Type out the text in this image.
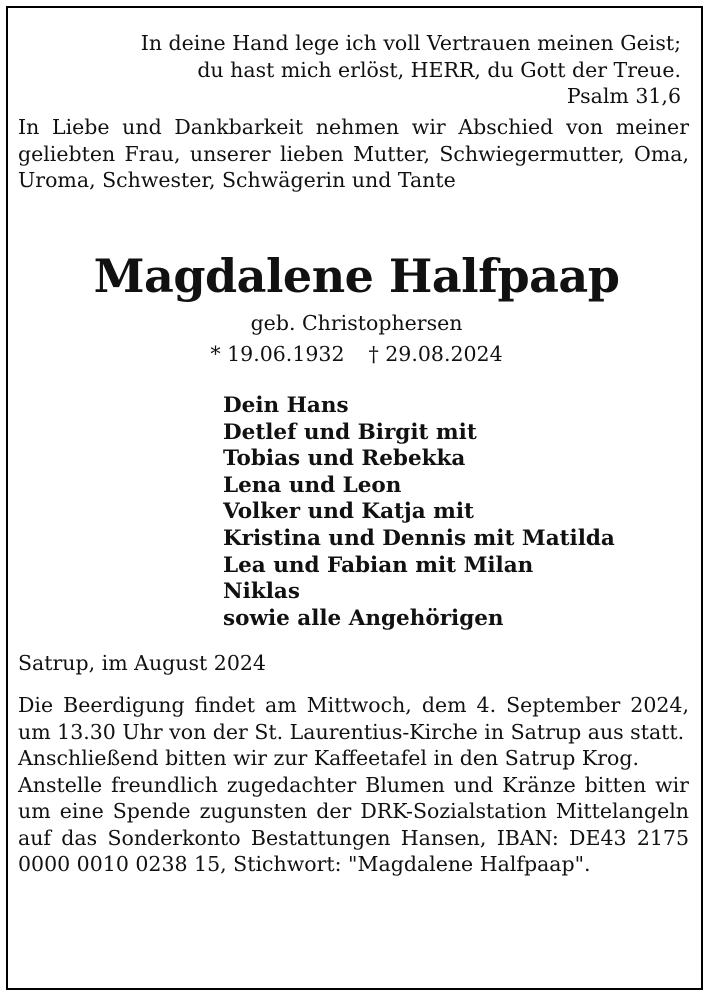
In deine Hand lege ich voll Vertrauen meinen Geist;
du hast mich erlöst, HERR, du Gott der Treue.
Psalm 31,6
In Liebe und Dankbarkeit nehmen wir Abschied von meiner geliebten Frau, unserer lieben Mutter, Schwiegermutter, Oma, Uroma, Schwester, Schwägerin und Tante
Magdalene Halfpaap
geb. Christophersen
* 19.06.1932 † 29.08.2024
Dein Hans
Detlef und Birgit mit
Tobias und Rebekka
Lena und Leon
Volker und Katja mit
Kristina und Dennis mit Matilda
Lea und Fabian mit Milan
Niklas
sowie alle Angehörigen
Satrup, im August 2024

Die Beerdigung findet am Mittwoch, dem 4. September 2024, um 13.30 Uhr von der St. Laurentius-Kirche in Satrup aus statt.

Anschließend bitten wir zur Kaffeetafel in den Satrup Krog.

Anstelle freundlich zugedachter Blumen und Kränze bitten wir um eine Spende zugunsten der DRK-Sozialstation Mittelangeln auf das Sonderkonto Bestattungen Hansen, IBAN: DE43 2175 0000 0010 0238 15, Stichwort: "Magdalene Halfpaap".
